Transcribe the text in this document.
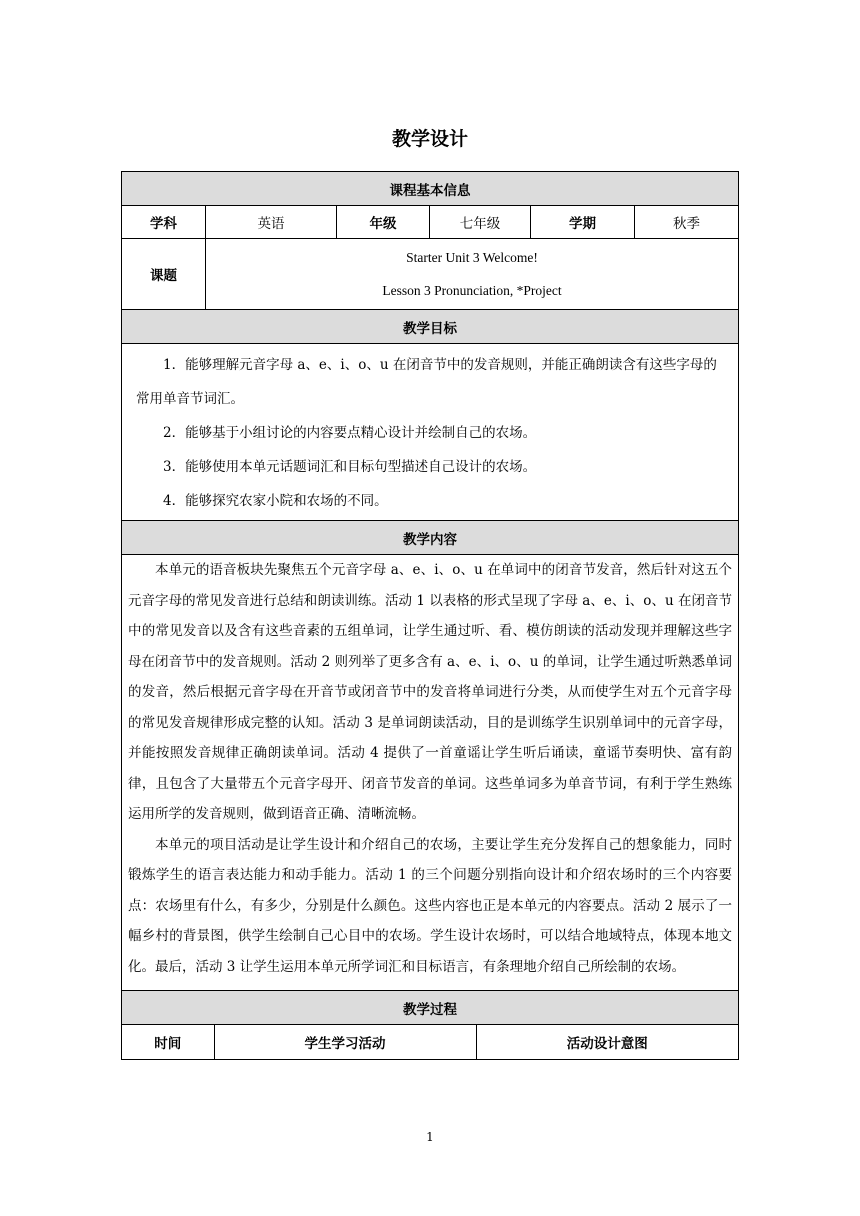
教学设计
课程基本信息
学科	英语	年级	七年级	学期	秋季
课题	
Starter Unit 3 Welcome!
Lesson 3 Pronunciation, *Project

教学目标

1．能够理解元音字母 a、e、i、o、u 在闭音节中的发音规则，并能正确朗读含有这些字母的常用单音节词汇。
2．能够基于小组讨论的内容要点精心设计并绘制自己的农场。
3．能够使用本单元话题词汇和目标句型描述自己设计的农场。
4．能够探究农家小院和农场的不同。

教学内容

本单元的语音板块先聚焦五个元音字母 a、e、i、o、u 在单词中的闭音节发音，然后针对这五个元音字母的常见发音进行总结和朗读训练。活动 1 以表格的形式呈现了字母 a、e、i、o、u 在闭音节中的常见发音以及含有这些音素的五组单词，让学生通过听、看、模仿朗读的活动发现并理解这些字母在闭音节中的发音规则。活动 2 则列举了更多含有 a、e、i、o、u 的单词，让学生通过听熟悉单词的发音，然后根据元音字母在开音节或闭音节中的发音将单词进行分类，从而使学生对五个元音字母的常见发音规律形成完整的认知。活动 3 是单词朗读活动，目的是训练学生识别单词中的元音字母，并能按照发音规律正确朗读单词。活动 4 提供了一首童谣让学生听后诵读，童谣节奏明快、富有韵律，且包含了大量带五个元音字母开、闭音节发音的单词。这些单词多为单音节词，有利于学生熟练运用所学的发音规则，做到语音正确、清晰流畅。

本单元的项目活动是让学生设计和介绍自己的农场，主要让学生充分发挥自己的想象能力，同时锻炼学生的语言表达能力和动手能力。活动 1 的三个问题分别指向设计和介绍农场时的三个内容要点：农场里有什么，有多少，分别是什么颜色。这些内容也正是本单元的内容要点。活动 2 展示了一幅乡村的背景图，供学生绘制自己心目中的农场。学生设计农场时，可以结合地域特点，体现本地文化。最后，活动 3 让学生运用本单元所学词汇和目标语言，有条理地介绍自己所绘制的农场。

教学过程

时间	学生学习活动	活动设计意图
1
